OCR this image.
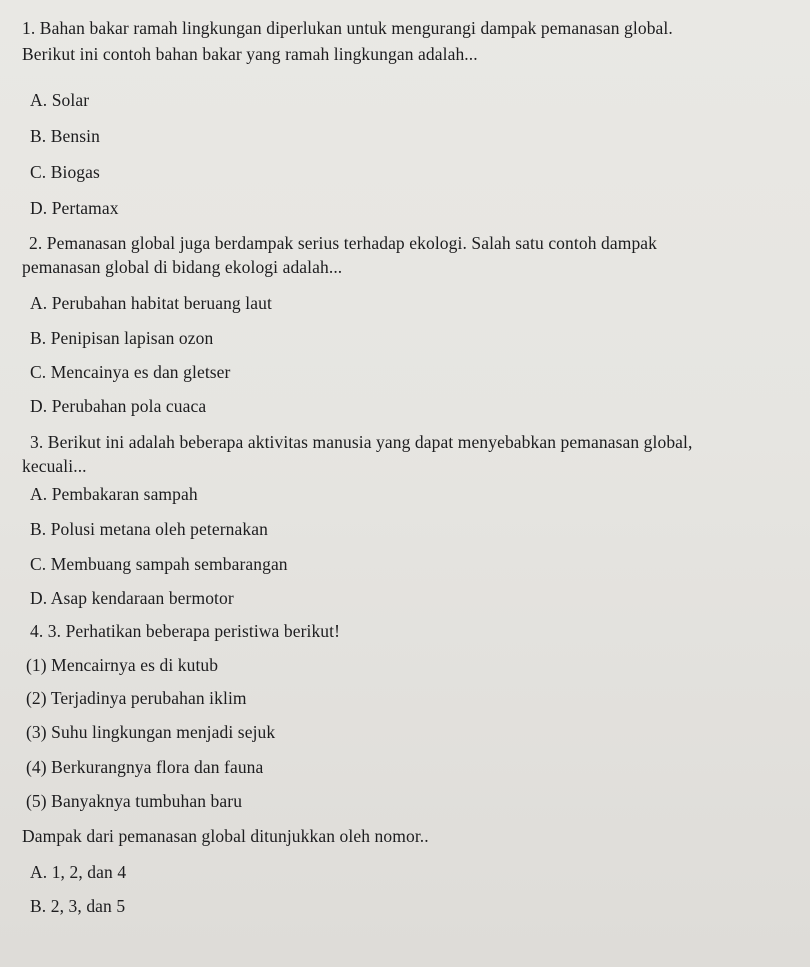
1. Bahan bakar ramah lingkungan diperlukan untuk mengurangi dampak pemanasan global.
Berikut ini contoh bahan bakar yang ramah lingkungan adalah...
A. Solar
B. Bensin
C. Biogas
D. Pertamax
2. Pemanasan global juga berdampak serius terhadap ekologi. Salah satu contoh dampak
pemanasan global di bidang ekologi adalah...
A. Perubahan habitat beruang laut
B. Penipisan lapisan ozon
C. Mencainya es dan gletser
D. Perubahan pola cuaca
3. Berikut ini adalah beberapa aktivitas manusia yang dapat menyebabkan pemanasan global,
kecuali...
A. Pembakaran sampah
B. Polusi metana oleh peternakan
C. Membuang sampah sembarangan
D. Asap kendaraan bermotor
4. 3. Perhatikan beberapa peristiwa berikut!
(1) Mencairnya es di kutub
(2) Terjadinya perubahan iklim
(3) Suhu lingkungan menjadi sejuk
(4) Berkurangnya flora dan fauna
(5) Banyaknya tumbuhan baru
Dampak dari pemanasan global ditunjukkan oleh nomor..
A. 1, 2, dan 4
B. 2, 3, dan 5
